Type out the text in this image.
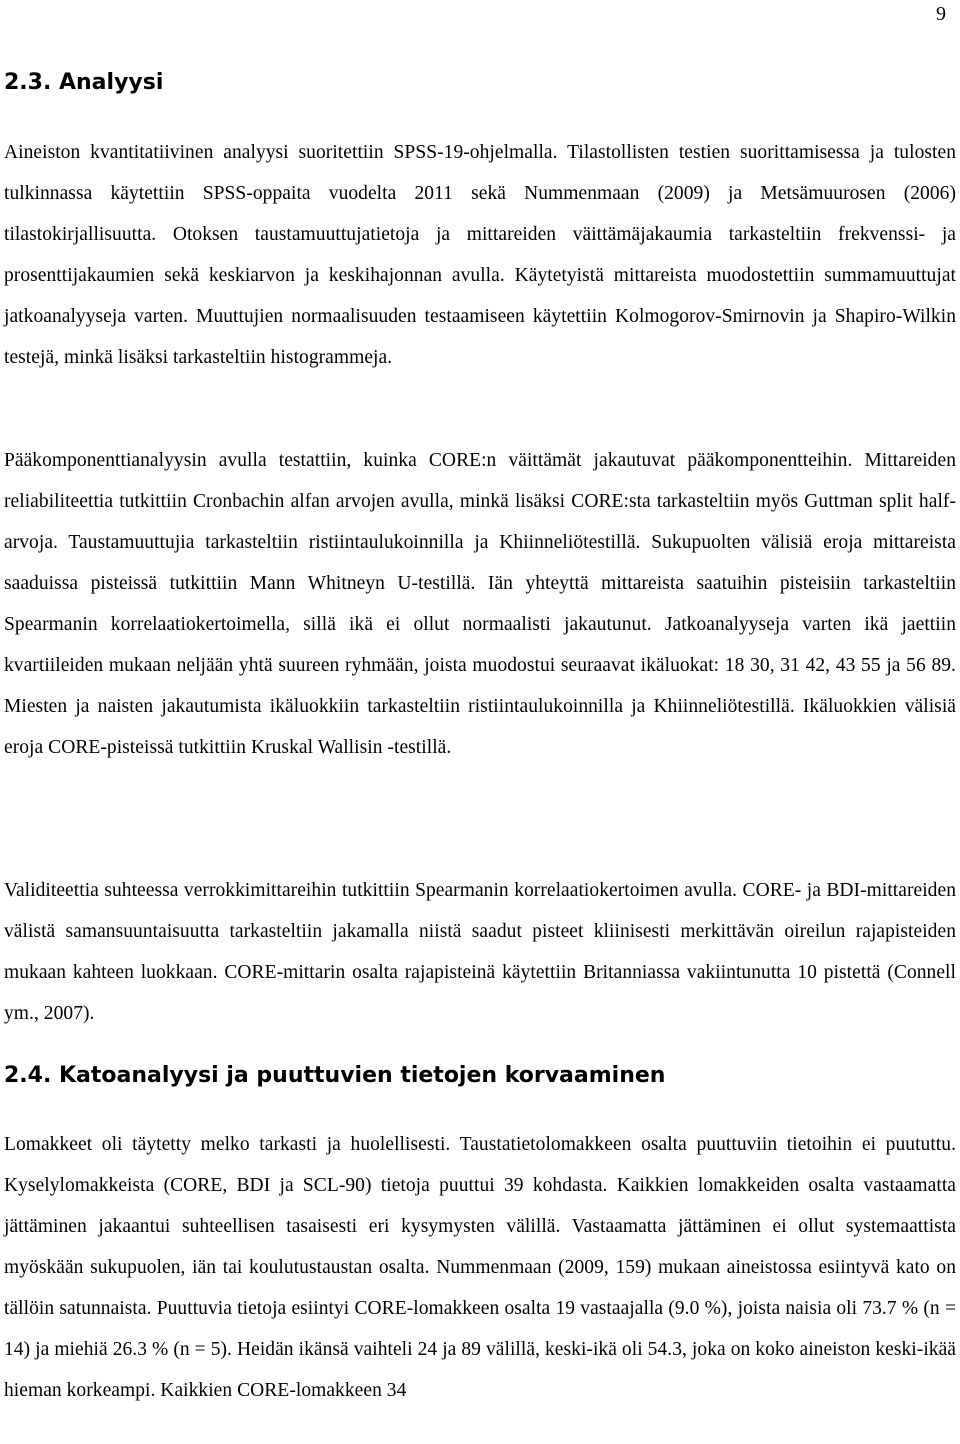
9
2.3. Analyysi

Aineiston kvantitatiivinen analyysi suoritettiin SPSS-19-ohjelmalla. Tilastollisten testien suorittamisessa ja tulosten tulkinnassa käytettiin SPSS-oppaita vuodelta 2011 sekä Nummenmaan (2009) ja Metsämuurosen (2006) tilastokirjallisuutta. Otoksen taustamuuttujatietoja ja mittareiden väittämäjakaumia tarkasteltiin frekvenssi- ja prosenttijakaumien sekä keskiarvon ja keskihajonnan avulla. Käytetyistä mittareista muodostettiin summamuuttujat jatkoanalyyseja varten. Muuttujien normaalisuuden testaamiseen käytettiin Kolmogorov-Smirnovin ja Shapiro-Wilkin testejä, minkä lisäksi tarkasteltiin histogrammeja.

Pääkomponenttianalyysin avulla testattiin, kuinka CORE:n väittämät jakautuvat pääkomponentteihin. Mittareiden reliabiliteettia tutkittiin Cronbachin alfan arvojen avulla, minkä lisäksi CORE:sta tarkasteltiin myös Guttman split half-arvoja. Taustamuuttujia tarkasteltiin ristiintaulukoinnilla ja Khiinneliötestillä. Sukupuolten välisiä eroja mittareista saaduissa pisteissä tutkittiin Mann Whitneyn U-testillä. Iän yhteyttä mittareista saatuihin pisteisiin tarkasteltiin Spearmanin korrelaatiokertoimella, sillä ikä ei ollut normaalisti jakautunut. Jatkoanalyyseja varten ikä jaettiin kvartiileiden mukaan neljään yhtä suureen ryhmään, joista muodostui seuraavat ikäluokat: 18 30, 31 42, 43 55 ja 56 89. Miesten ja naisten jakautumista ikäluokkiin tarkasteltiin ristiintaulukoinnilla ja Khiinneliötestillä. Ikäluokkien välisiä eroja CORE-pisteissä tutkittiin Kruskal Wallisin -testillä.

Validiteettia suhteessa verrokkimittareihin tutkittiin Spearmanin korrelaatiokertoimen avulla. CORE- ja BDI-mittareiden välistä samansuuntaisuutta tarkasteltiin jakamalla niistä saadut pisteet kliinisesti merkittävän oireilun rajapisteiden mukaan kahteen luokkaan. CORE-mittarin osalta rajapisteinä käytettiin Britanniassa vakiintunutta 10 pistettä (Connell ym., 2007).

2.4. Katoanalyysi ja puuttuvien tietojen korvaaminen

Lomakkeet oli täytetty melko tarkasti ja huolellisesti. Taustatietolomakkeen osalta puuttuviin tietoihin ei puututtu. Kyselylomakkeista (CORE, BDI ja SCL-90) tietoja puuttui 39 kohdasta. Kaikkien lomakkeiden osalta vastaamatta jättäminen jakaantui suhteellisen tasaisesti eri kysymysten välillä. Vastaamatta jättäminen ei ollut systemaattista myöskään sukupuolen, iän tai koulutustaustan osalta. Nummenmaan (2009, 159) mukaan aineistossa esiintyvä kato on tällöin satunnaista. Puuttuvia tietoja esiintyi CORE-lomakkeen osalta 19 vastaajalla (9.0 %), joista naisia oli 73.7 % (n = 14) ja miehiä 26.3 % (n = 5). Heidän ikänsä vaihteli 24 ja 89 välillä, keski-ikä oli 54.3, joka on koko aineiston keski-ikää hieman korkeampi. Kaikkien CORE-lomakkeen 34
